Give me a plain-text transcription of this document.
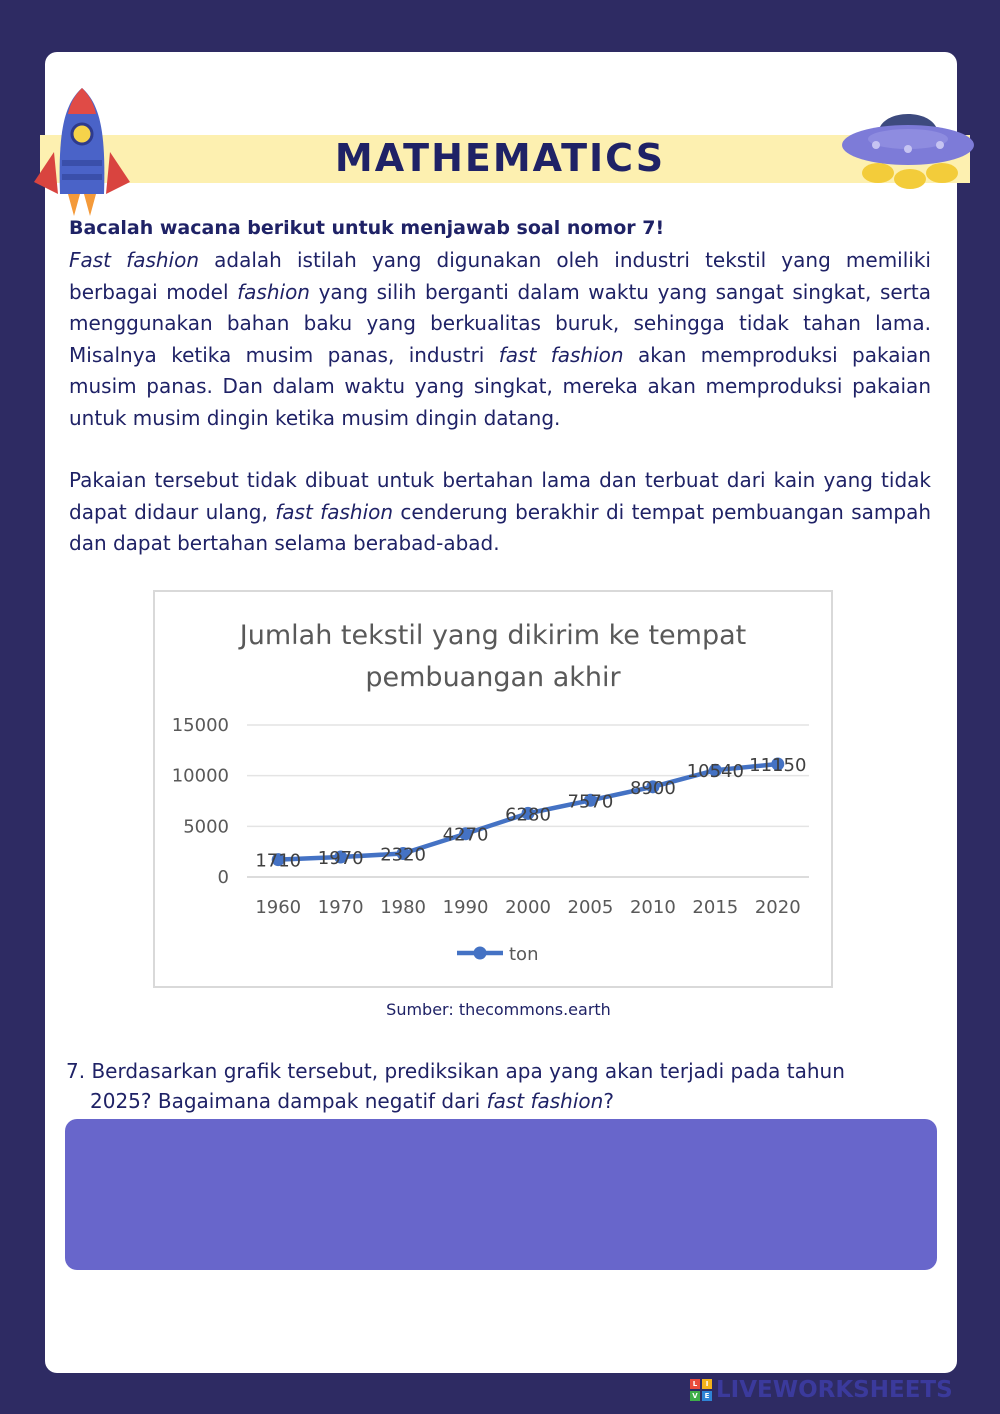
MATHEMATICS
Bacalah wacana berikut untuk menjawab soal nomor 7!

Fast fashion adalah istilah yang digunakan oleh industri tekstil yang memiliki berbagai model fashion yang silih berganti dalam waktu yang sangat singkat, serta menggunakan bahan baku yang berkualitas buruk, sehingga tidak tahan lama. Misalnya ketika musim panas, industri fast fashion akan memproduksi pakaian musim panas. Dan dalam waktu yang singkat, mereka akan memproduksi pakaian untuk musim dingin ketika musim dingin datang.

Pakaian tersebut tidak dibuat untuk bertahan lama dan terbuat dari kain yang tidak dapat didaur ulang, fast fashion cenderung berakhir di tempat pembuangan sampah dan dapat bertahan selama berabad-abad.

Jumlah tekstil yang dikirim ke tempat
pembuangan akhir
0
5000
10000
15000
1960 1970 1980 1990 2000 2005 2010 2015 2020
1710 1970 2320
4270
6280
7570
8900
10540 11150
ton
Sumber: thecommons.earth
7. Berdasarkan grafik tersebut, prediksikan apa yang akan terjadi pada tahun
2025? Bagaimana dampak negatif dari fast fashion?
L	I
V E LIVEWORKSHEETS
